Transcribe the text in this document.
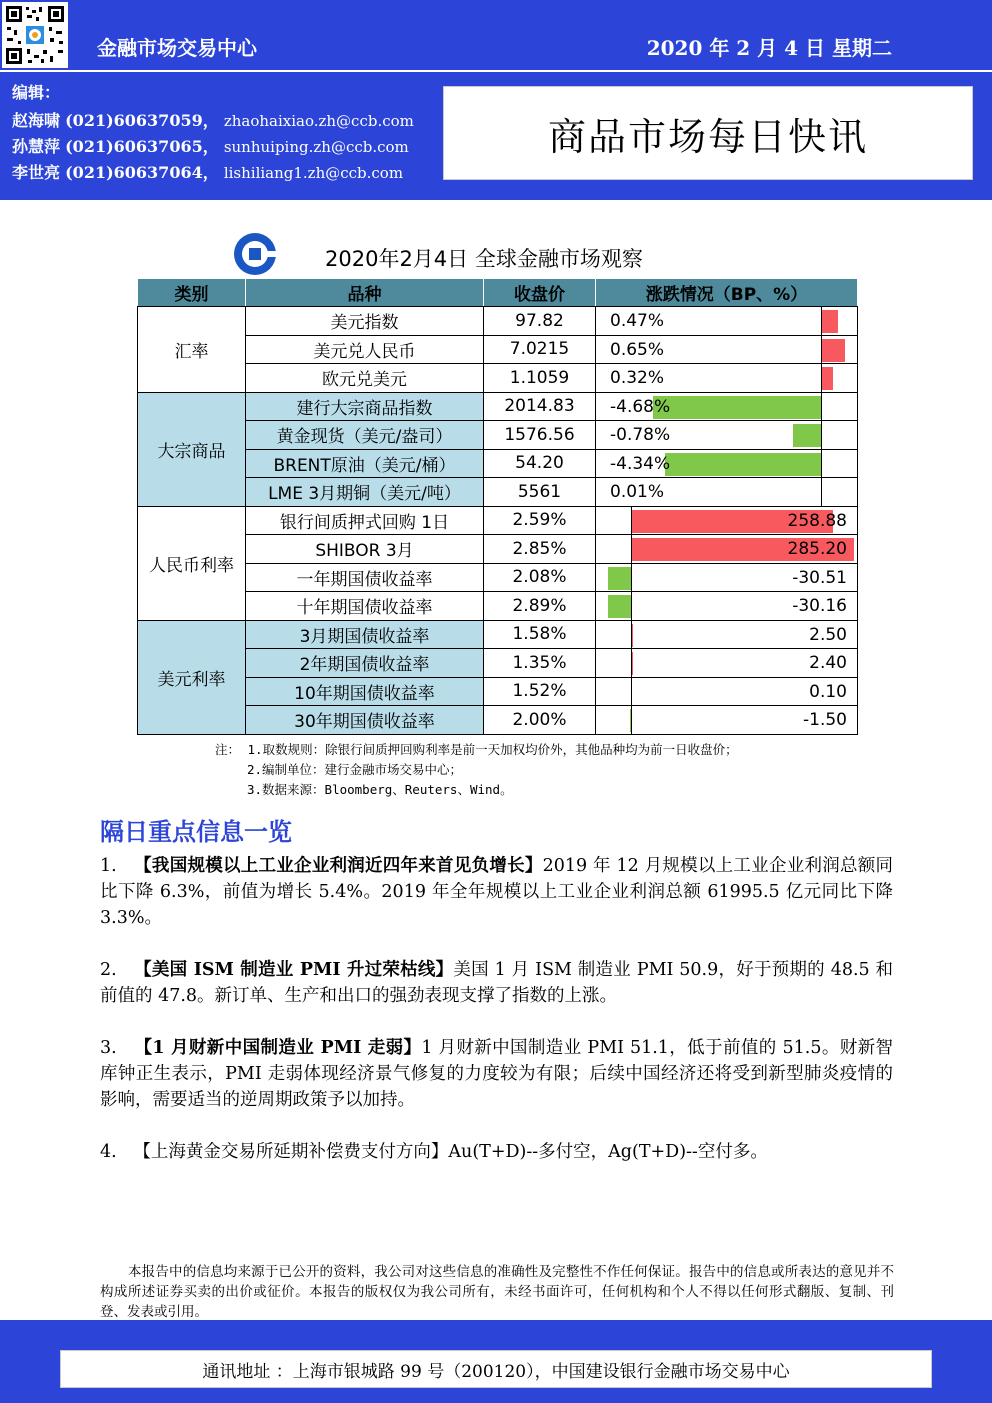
金融市场交易中心	2020 年 2 月 4 日 星期二
编辑：
赵海啸 (021)60637059， zhaohaixiao.zh@ccb.com
孙慧萍 (021)60637065， sunhuiping.zh@ccb.com
李世亮 (021)60637064， lishiliang1.zh@ccb.com
商品市场每日快讯
2020年2月4日 全球金融市场观察
类别	品种	收盘价	涨跌情况（BP、%）
汇率	美元指数	97.82	0.47%

	美元兑人民币	7.0215	0.65%

	欧元兑美元	1.1059	0.32%

大宗商品	建行大宗商品指数	2014.83	-4.68%

	黄金现货（美元/盎司）	1576.56	-0.78%

	BRENT原油（美元/桶）	54.20	-4.34%

	LME 3月期铜（美元/吨）	5561	0.01%

人民币利率	银行间质押式回购 1日	2.59%	258.88

	SHIBOR 3月	2.85%	285.20

	一年期国债收益率	2.08%	-30.51

	十年期国债收益率	2.89%	-30.16

美元利率	3月期国债收益率	1.58%	2.50

	2年期国债收益率	1.35%	2.40

	10年期国债收益率	1.52%	0.10

	30年期国债收益率	2.00%	-1.50
注： 1.取数规则：除银行间质押回购利率是前一天加权均价外，其他品种均为前一日收盘价；
2.编制单位：建行金融市场交易中心；
3.数据来源：Bloomberg、Reuters、Wind。
隔日重点信息一览
1. 【我国规模以上工业企业利润近四年来首见负增长】2019 年 12 月规模以上工业企业利润总额同比下降 6.3%，前值为增长 5.4%。2019 年全年规模以上工业企业利润总额 61995.5 亿元同比下降 3.3%。
2. 【美国 ISM 制造业 PMI 升过荣枯线】美国 1 月 ISM 制造业 PMI 50.9，好于预期的 48.5 和前值的 47.8。新订单、生产和出口的强劲表现支撑了指数的上涨。
3. 【1 月财新中国制造业 PMI 走弱】1 月财新中国制造业 PMI 51.1，低于前值的 51.5。财新智库钟正生表示，PMI 走弱体现经济景气修复的力度较为有限；后续中国经济还将受到新型肺炎疫情的影响，需要适当的逆周期政策予以加持。
4. 【上海黄金交易所延期补偿费支付方向】Au(T+D)--多付空，Ag(T+D)--空付多。
本报告中的信息均来源于已公开的资料，我公司对这些信息的准确性及完整性不作任何保证。报告中的信息或所表达的意见并不构成所述证券买卖的出价或征价。本报告的版权仅为我公司所有，未经书面许可，任何机构和个人不得以任何形式翻版、复制、刊登、发表或引用。
通讯地址 ：上海市银城路 99 号（200120），中国建设银行金融市场交易中心
